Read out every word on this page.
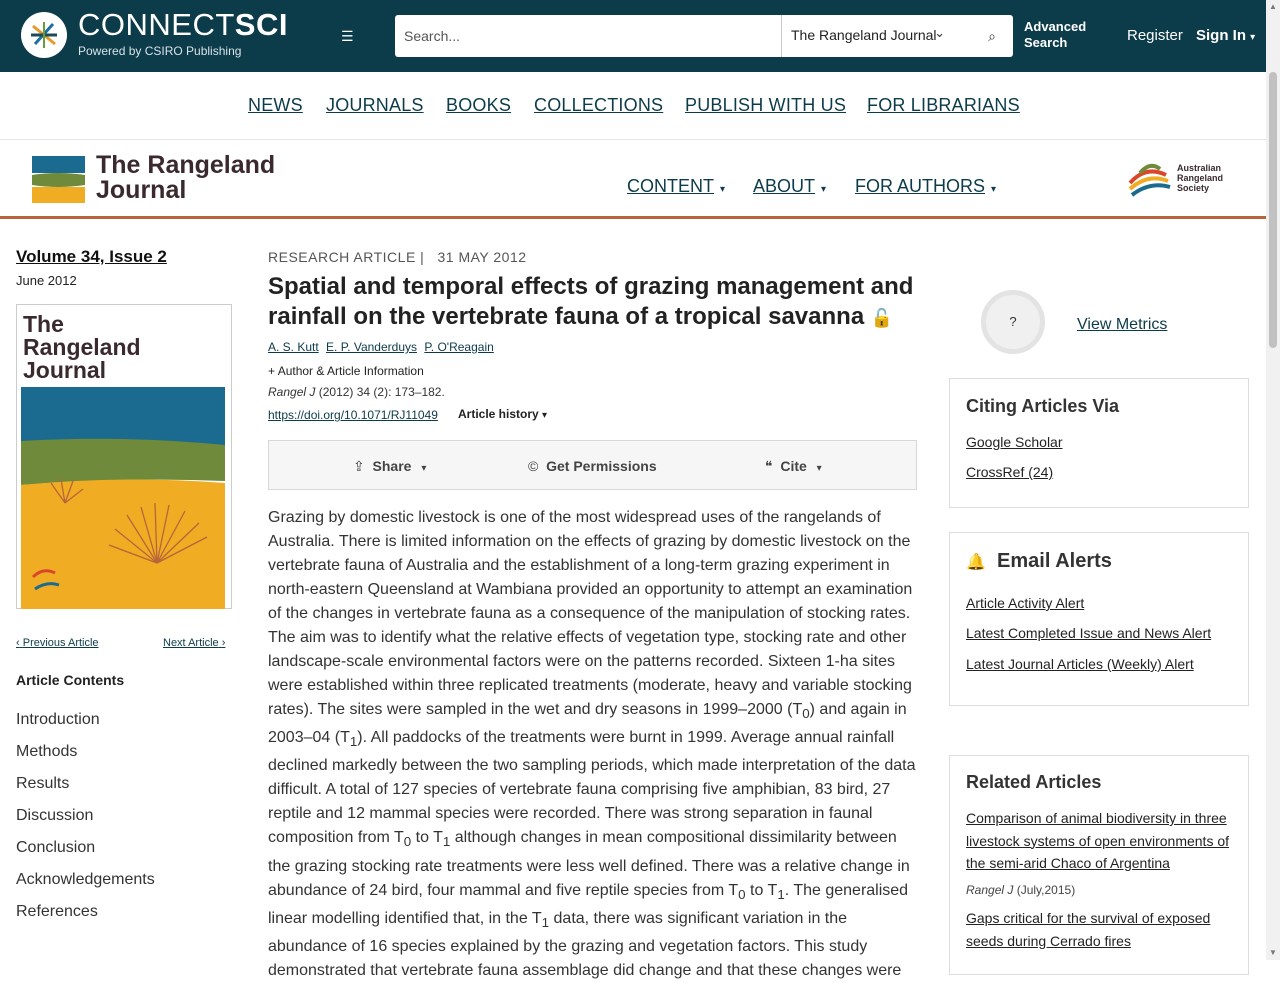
CONNECTSCI
Powered by CSIRO Publishing
☰
Search...	The Rangeland Journal
⌄	⌕
Advanced Search	Register Sign In ▾
▲
▼
NEWS JOURNALS BOOKS COLLECTIONS PUBLISH WITH US FOR LIBRARIANS
The Rangeland
Journal	CONTENT ▾ ABOUT ▾ FOR AUTHORS ▾
Australian
Rangeland
Society
Volume 34, Issue 2
June 2012
The
Rangeland
Journal
‹ Previous Article	Next Article ›
Article Contents
Introduction
Methods
Results
Discussion
Conclusion
Acknowledgements
References
RESEARCH ARTICLE |   31 MAY 2012
Spatial and temporal effects of grazing management and rainfall on the vertebrate fauna of a tropical savanna 🔓
A. S. Kutt E. P. Vanderduys P. O'Reagain
+ Author & Article Information
Rangel J (2012) 34 (2): 173–182.
https://doi.org/10.1071/RJ11049 Article history ▾
⇪ Share ▾	© Get Permissions	❝ Cite ▾

Grazing by domestic livestock is one of the most widespread uses of the rangelands of Australia. There is limited information on the effects of grazing by domestic livestock on the vertebrate fauna of Australia and the establishment of a long-term grazing experiment in north-eastern Queensland at Wambiana provided an opportunity to attempt an examination of the changes in vertebrate fauna as a consequence of the manipulation of stocking rates. The aim was to identify what the relative effects of vegetation type, stocking rate and other landscape-scale environmental factors were on the patterns recorded. Sixteen 1-ha sites were established within three replicated treatments (moderate, heavy and variable stocking rates). The sites were sampled in the wet and dry seasons in 1999–2000 $(T_0)$ and again in 2003–04 $(T_1)$. All paddocks of the treatments were burnt in 1999. Average annual rainfall declined markedly between the two sampling periods, which made interpretation of the data difficult. A total of 127 species of vertebrate fauna comprising five amphibian, 83 bird, 27 reptile and 12 mammal species were recorded. There was strong separation in faunal composition from $T_0$ to $T_1$ although changes in mean compositional dissimilarity between the grazing stocking rate treatments were less well defined. There was a relative change in abundance of 24 bird, four mammal and five reptile species from $T_0$ to $T_1$. The generalised linear modelling identified that, in the $T_1$ data, there was significant variation in the abundance of 16 species explained by the grazing and vegetation factors. This study demonstrated that vertebrate fauna assemblage did change and that these changes were

?	View Metrics
Citing Articles Via
Google Scholar
CrossRef (24)
🔔 Email Alerts
Article Activity Alert
Latest Completed Issue and News Alert
Latest Journal Articles (Weekly) Alert
Related Articles
Comparison of animal biodiversity in three livestock systems of open environments of the semi-arid Chaco of Argentina
Rangel J (July,2015)
Gaps critical for the survival of exposed seeds during Cerrado fires
